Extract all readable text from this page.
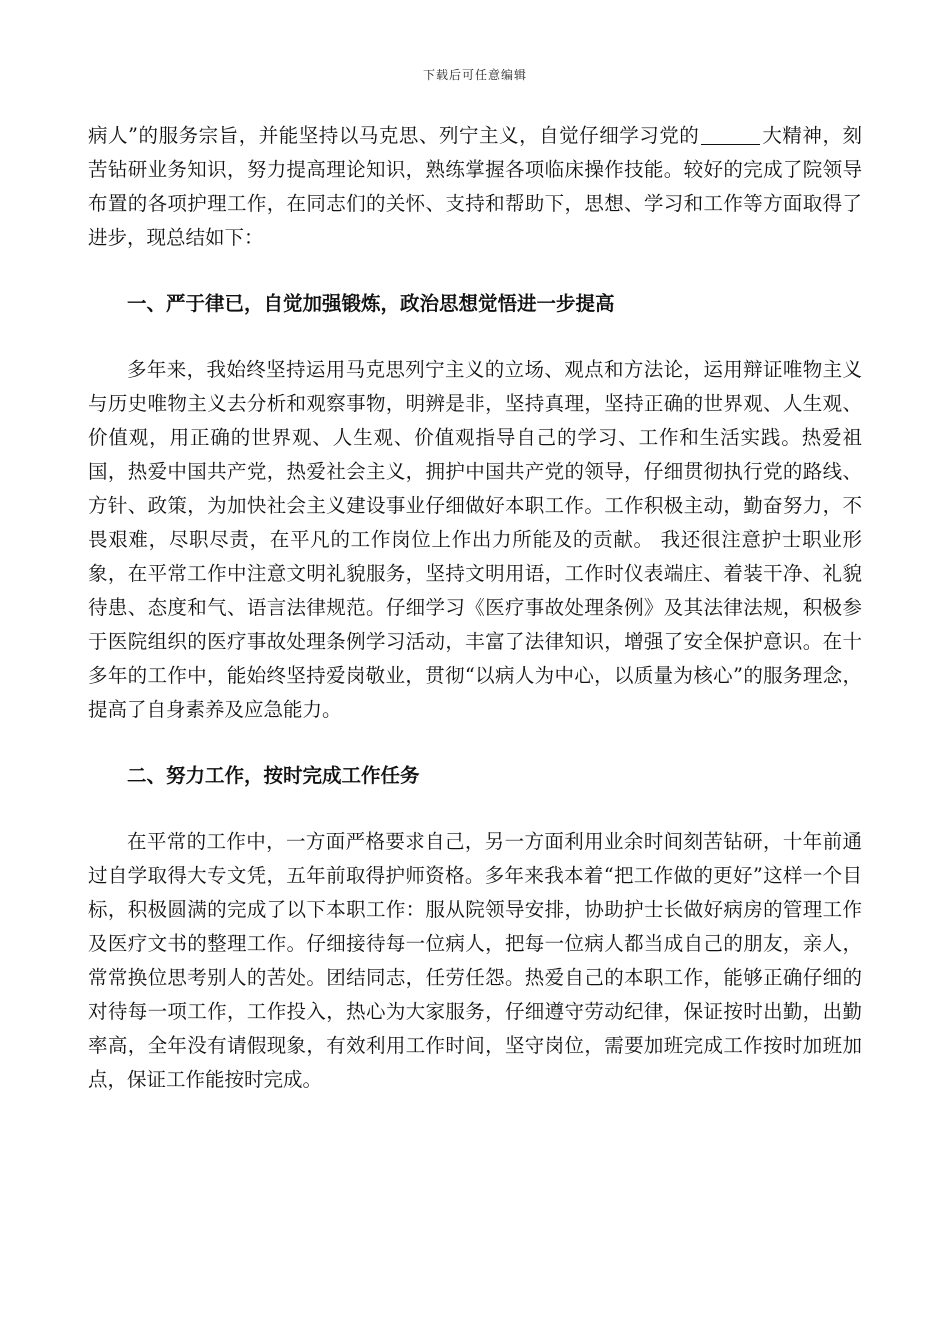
下载后可任意编辑

病人”的服务宗旨，并能坚持以马克思、列宁主义，自觉仔细学习党的	大精神，刻苦钻研业务知识，努力提高理论知识，熟练掌握各项临床操作技能。较好的完成了院领导布置的各项护理工作，在同志们的关怀、支持和帮助下，思想、学习和工作等方面取得了进步，现总结如下：

一、严于律已，自觉加强锻炼，政治思想觉悟进一步提高

多年来，我始终坚持运用马克思列宁主义的立场、观点和方法论，运用辩证唯物主义与历史唯物主义去分析和观察事物，明辨是非，坚持真理，坚持正确的世界观、人生观、价值观，用正确的世界观、人生观、价值观指导自己的学习、工作和生活实践。热爱祖国，热爱中国共产党，热爱社会主义，拥护中国共产党的领导，仔细贯彻执行党的路线、方针、政策，为加快社会主义建设事业仔细做好本职工作。工作积极主动，勤奋努力，不畏艰难，尽职尽责，在平凡的工作岗位上作出力所能及的贡献。 我还很注意护士职业形象，在平常工作中注意文明礼貌服务，坚持文明用语，工作时仪表端庄、着装干净、礼貌待患、态度和气、语言法律规范。仔细学习《医疗事故处理条例》及其法律法规，积极参于医院组织的医疗事故处理条例学习活动，丰富了法律知识，增强了安全保护意识。在十多年的工作中，能始终坚持爱岗敬业，贯彻“以病人为中心，以质量为核心”的服务理念，提高了自身素养及应急能力。

二、努力工作，按时完成工作任务

在平常的工作中，一方面严格要求自己，另一方面利用业余时间刻苦钻研，十年前通过自学取得大专文凭，五年前取得护师资格。多年来我本着“把工作做的更好”这样一个目标，积极圆满的完成了以下本职工作：服从院领导安排，协助护士长做好病房的管理工作及医疗文书的整理工作。仔细接待每一位病人，把每一位病人都当成自己的朋友，亲人，常常换位思考别人的苦处。团结同志，任劳任怨。热爱自己的本职工作，能够正确仔细的对待每一项工作，工作投入，热心为大家服务，仔细遵守劳动纪律，保证按时出勤，出勤率高，全年没有请假现象，有效利用工作时间，坚守岗位，需要加班完成工作按时加班加点，保证工作能按时完成。
